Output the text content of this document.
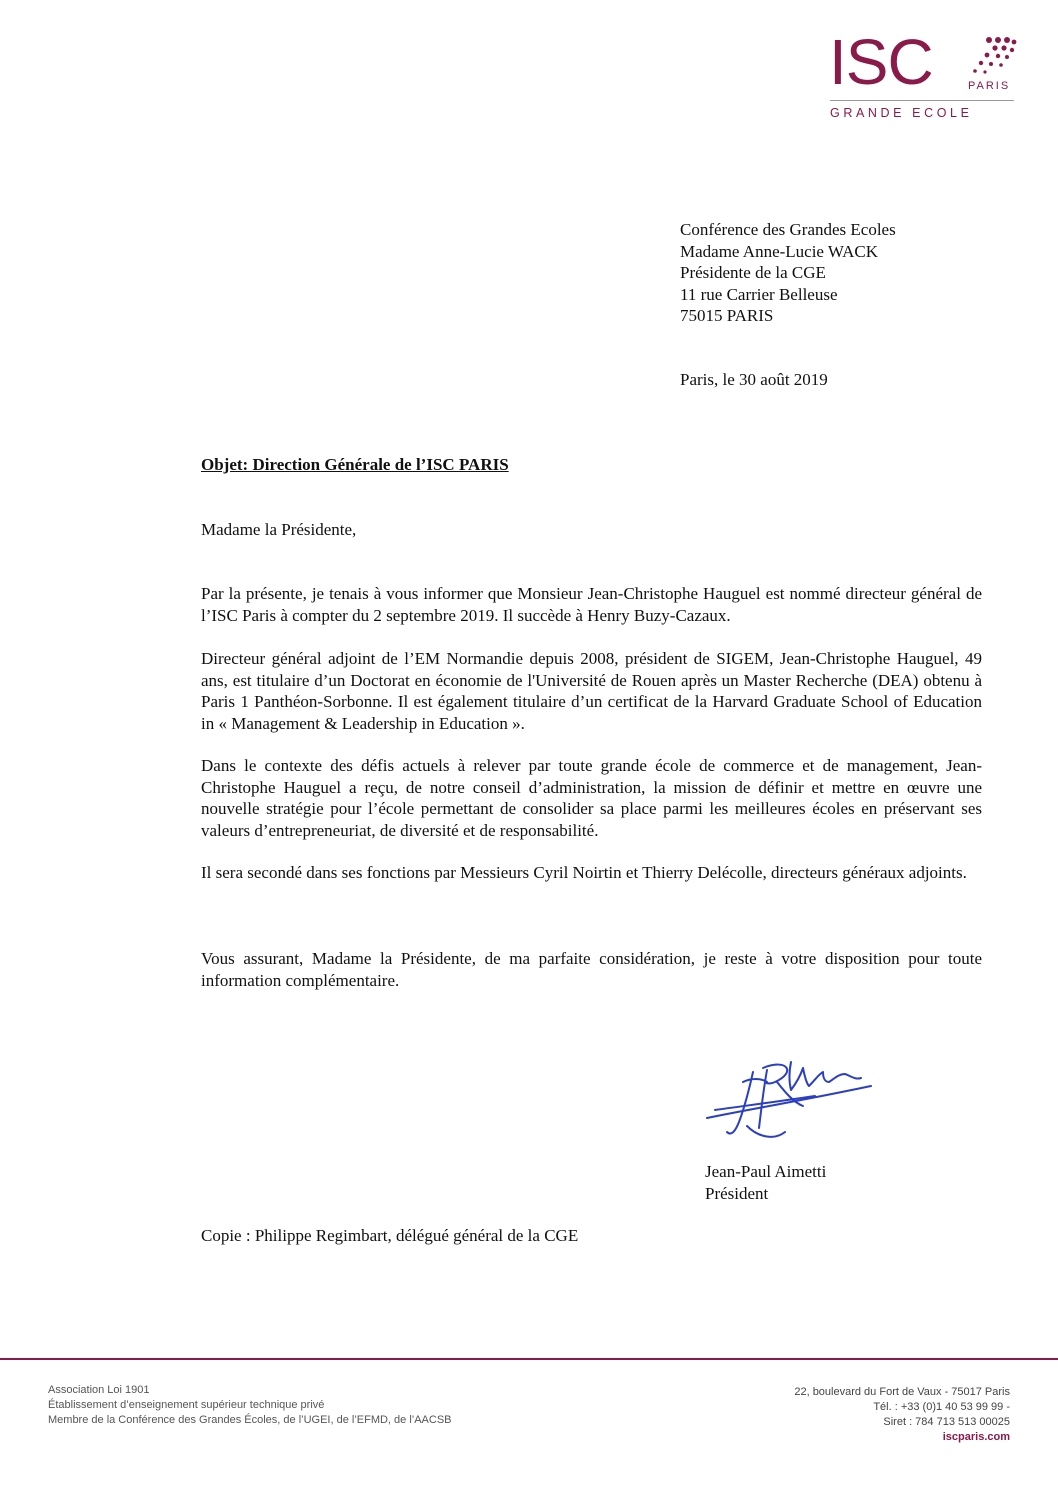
ISC	PARIS
GRANDE ECOLE
Conférence des Grandes Ecoles
Madame Anne-Lucie WACK
Présidente de la CGE
11 rue Carrier Belleuse
75015 PARIS
Paris, le 30 août 2019
Objet: Direction Générale de l’ISC PARIS
Madame la Présidente,

Par la présente, je tenais à vous informer que Monsieur Jean-Christophe Hauguel est nommé directeur général de l’ISC Paris à compter du 2 septembre 2019. Il succède à Henry Buzy-Cazaux.

Directeur général adjoint de l’EM Normandie depuis 2008, président de SIGEM, Jean-Christophe Hauguel, 49 ans, est titulaire d’un Doctorat en économie de l'Université de Rouen après un Master Recherche (DEA) obtenu à Paris 1 Panthéon-Sorbonne. Il est également titulaire d’un certificat de la Harvard Graduate School of Education in « Management & Leadership in Education ».

Dans le contexte des défis actuels à relever par toute grande école de commerce et de management, Jean-Christophe Hauguel a reçu, de notre conseil d’administration, la mission de définir et mettre en œuvre une nouvelle stratégie pour l’école permettant de consolider sa place parmi les meilleures écoles en préservant ses valeurs d’entrepreneuriat, de diversité et de responsabilité.

Il sera secondé dans ses fonctions par Messieurs Cyril Noirtin et Thierry Delécolle, directeurs généraux adjoints.

Vous assurant, Madame la Présidente, de ma parfaite considération, je reste à votre disposition pour toute information complémentaire.

Jean-Paul Aimetti
Président
Copie : Philippe Regimbart, délégué général de la CGE
Association Loi 1901
Établissement d’enseignement supérieur technique privé
Membre de la Conférence des Grandes Écoles, de l’UGEI, de l’EFMD, de l’AACSB
22, boulevard du Fort de Vaux - 75017 Paris
Tél. : +33 (0)1 40 53 99 99 -
Siret : 784 713 513 00025
iscparis.com
